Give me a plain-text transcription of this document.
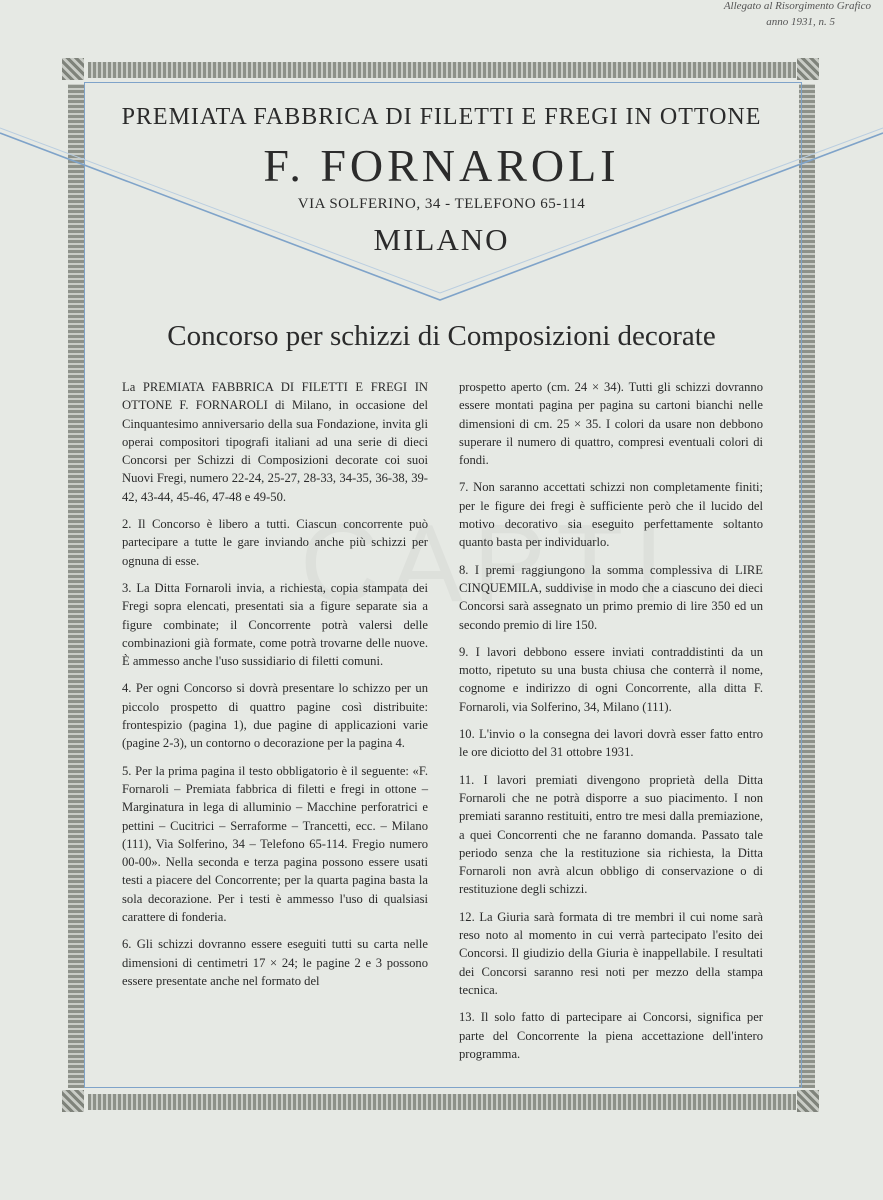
Allegato al Risorgimento Grafico
anno 1931, n. 5
PREMIATA FABBRICA DI FILETTI E FREGI IN OTTONE
F. FORNAROLI
VIA SOLFERINO, 34 - TELEFONO 65-114
MILANO
Concorso per schizzi di Composizioni decorate

La PREMIATA FABBRICA DI FILETTI E FREGI IN OTTONE F. FORNAROLI di Milano, in occasione del Cinquantesimo anniversario della sua Fondazione, invita gli operai compositori tipografi italiani ad una serie di dieci Concorsi per Schizzi di Composizioni decorate coi suoi Nuovi Fregi, numero 22-24, 25-27, 28-33, 34-35, 36-38, 39-42, 43-44, 45-46, 47-48 e 49-50.

2. Il Concorso è libero a tutti. Ciascun concorrente può partecipare a tutte le gare inviando anche più schizzi per ognuna di esse.

3. La Ditta Fornaroli invia, a richiesta, copia stampata dei Fregi sopra elencati, presentati sia a figure separate sia a figure combinate; il Concorrente potrà valersi delle combinazioni già formate, come potrà trovarne delle nuove. È ammesso anche l'uso sussidiario di filetti comuni.

4. Per ogni Concorso si dovrà presentare lo schizzo per un piccolo prospetto di quattro pagine così distribuite: frontespizio (pagina 1), due pagine di applicazioni varie (pagine 2-3), un contorno o decorazione per la pagina 4.

5. Per la prima pagina il testo obbligatorio è il seguente: «F. Fornaroli – Premiata fabbrica di filetti e fregi in ottone – Marginatura in lega di alluminio – Macchine perforatrici e pettini – Cucitrici – Serraforme – Trancetti, ecc. – Milano (111), Via Solferino, 34 – Telefono 65-114. Fregio numero 00-00». Nella seconda e terza pagina possono essere usati testi a piacere del Concorrente; per la quarta pagina basta la sola decorazione. Per i testi è ammesso l'uso di qualsiasi carattere di fonderia.

6. Gli schizzi dovranno essere eseguiti tutti su carta nelle dimensioni di centimetri 17 × 24; le pagine 2 e 3 possono essere presentate anche nel formato del

prospetto aperto (cm. 24 × 34). Tutti gli schizzi dovranno essere montati pagina per pagina su cartoni bianchi nelle dimensioni di cm. 25 × 35. I colori da usare non debbono superare il numero di quattro, compresi eventuali colori di fondi.

7. Non saranno accettati schizzi non completamente finiti; per le figure dei fregi è sufficiente però che il lucido del motivo decorativo sia eseguito perfettamente soltanto quanto basta per individuarlo.

8. I premi raggiungono la somma complessiva di LIRE CINQUEMILA, suddivise in modo che a ciascuno dei dieci Concorsi sarà assegnato un primo premio di lire 350 ed un secondo premio di lire 150.

9. I lavori debbono essere inviati contraddistinti da un motto, ripetuto su una busta chiusa che conterrà il nome, cognome e indirizzo di ogni Concorrente, alla ditta F. Fornaroli, via Solferino, 34, Milano (111).

10. L'invio o la consegna dei lavori dovrà esser fatto entro le ore diciotto del 31 ottobre 1931.

11. I lavori premiati divengono proprietà della Ditta Fornaroli che ne potrà disporre a suo piacimento. I non premiati saranno restituiti, entro tre mesi dalla premiazione, a quei Concorrenti che ne faranno domanda. Passato tale periodo senza che la restituzione sia richiesta, la Ditta Fornaroli non avrà alcun obbligo di conservazione o di restituzione degli schizzi.

12. La Giuria sarà formata di tre membri il cui nome sarà reso noto al momento in cui verrà partecipato l'esito dei Concorsi. Il giudizio della Giuria è inappellabile. I resultati dei Concorsi saranno resi noti per mezzo della stampa tecnica.

13. Il solo fatto di partecipare ai Concorsi, significa per parte del Concorrente la piena accettazione dell'intero programma.
